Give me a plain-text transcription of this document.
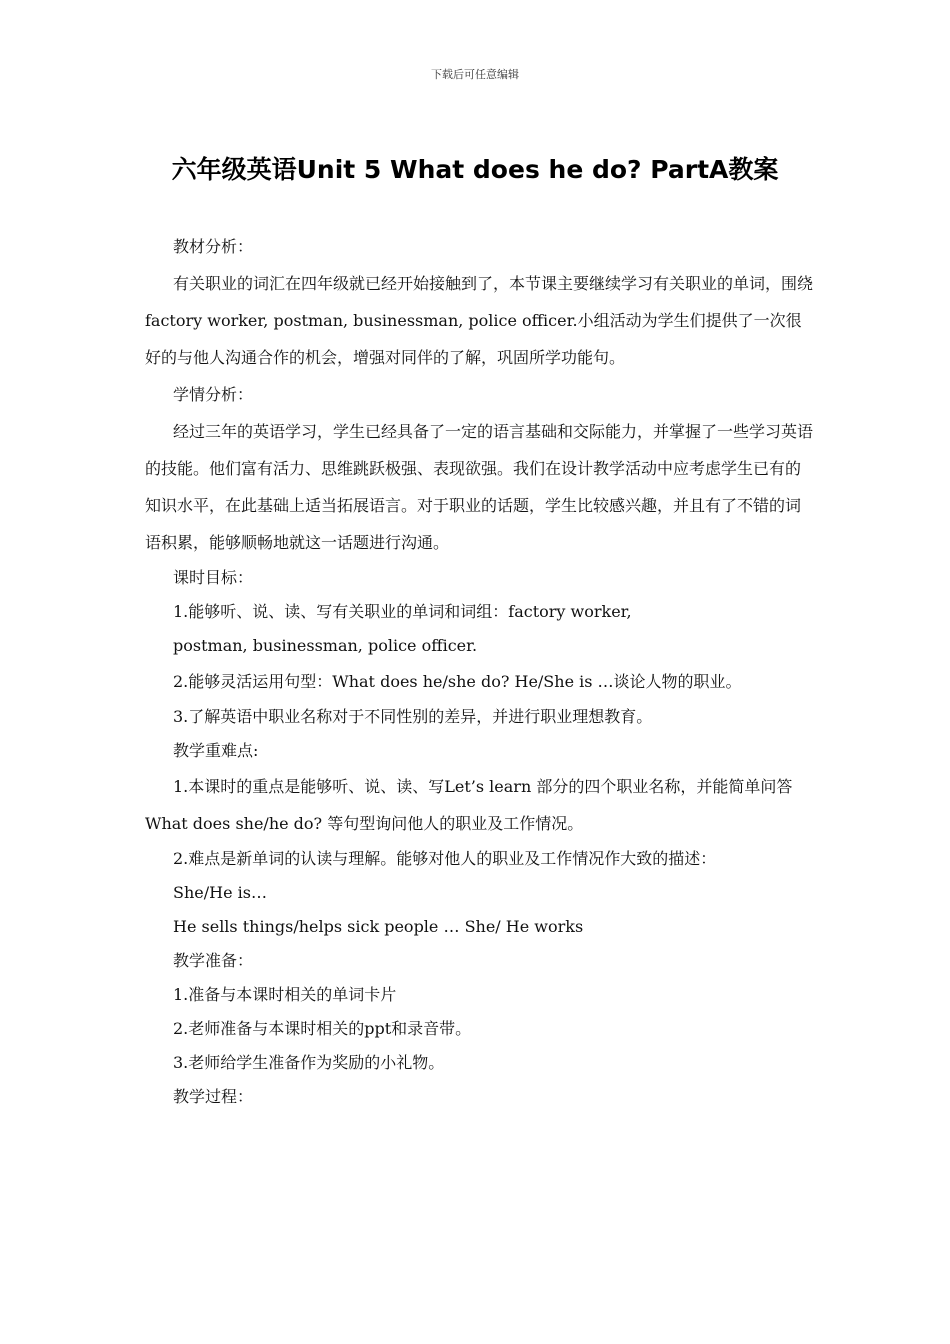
下载后可任意编辑
六年级英语Unit 5 What does he do? PartA教案

教材分析：

有关职业的词汇在四年级就已经开始接触到了，本节课主要继续学习有关职业的单词，围绕factory worker, postman, businessman, police officer.小组活动为学生们提供了一次很好的与他人沟通合作的机会，增强对同伴的了解，巩固所学功能句。

学情分析：

经过三年的英语学习，学生已经具备了一定的语言基础和交际能力，并掌握了一些学习英语的技能。他们富有活力、思维跳跃极强、表现欲强。我们在设计教学活动中应考虑学生已有的知识水平，在此基础上适当拓展语言。对于职业的话题，学生比较感兴趣，并且有了不错的词语积累，能够顺畅地就这一话题进行沟通。

课时目标：

1.能够听、说、读、写有关职业的单词和词组：factory worker,

postman, businessman, police officer.

2.能够灵活运用句型：What does he/she do? He/She is …谈论人物的职业。

3.了解英语中职业名称对于不同性别的差异，并进行职业理想教育。

教学重难点:

1.本课时的重点是能够听、说、读、写Let’s learn 部分的四个职业名称，并能简单问答What does she/he do? 等句型询问他人的职业及工作情况。

2.难点是新单词的认读与理解。能够对他人的职业及工作情况作大致的描述：

She/He is…

He sells things/helps sick people … She/ He works

教学准备：

1.准备与本课时相关的单词卡片

2.老师准备与本课时相关的ppt和录音带。

3.老师给学生准备作为奖励的小礼物。

教学过程：
